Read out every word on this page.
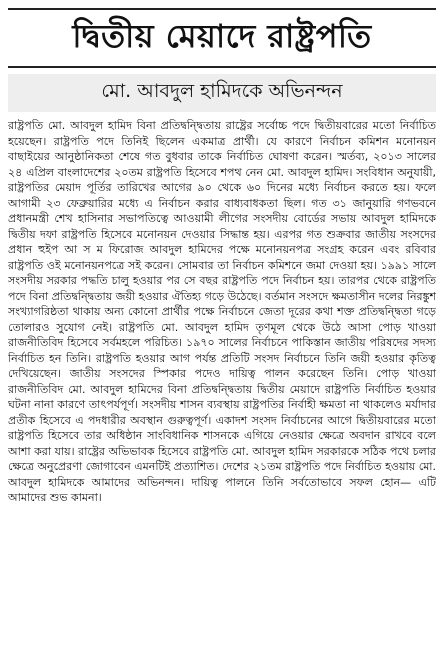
দ্বিতীয় মেয়াদে রাষ্ট্রপতি
মো. আবদুল হামিদকে অভিনন্দন

রাষ্ট্রপতি মো. আবদুল হামিদ বিনা প্রতিদ্বন্দ্বিতায় রাষ্ট্রের সর্বোচ্চ পদে দ্বিতীয়বারের মতো নির্বাচিত হয়েছেন। রাষ্ট্রপতি পদে তিনিই ছিলেন একমাত্র প্রার্থী। যে কারণে নির্বাচন কমিশন মনোনয়ন বাছাইয়ের আনুষ্ঠানিকতা শেষে গত বুধবার তাকে নির্বাচিত ঘোষণা করেন। স্মর্তব্য, ২০১৩ সালের ২৪ এপ্রিল বাংলাদেশের ২০তম রাষ্ট্রপতি হিসেবে শপথ নেন মো. আবদুল হামিদ। সংবিধান অনুযায়ী, রাষ্ট্রপতির মেয়াদ পূর্তির তারিখের আগের ৯০ থেকে ৬০ দিনের মধ্যে নির্বাচন করতে হয়। ফলে আগামী ২৩ ফেব্রুয়ারির মধ্যে এ নির্বাচন করার বাধ্যবাধকতা ছিল। গত ৩১ জানুয়ারি গণভবনে প্রধানমন্ত্রী শেখ হাসিনার সভাপতিত্বে আওয়ামী লীগের সংসদীয় বোর্ডের সভায় আবদুল হামিদকে দ্বিতীয় দফা রাষ্ট্রপতি হিসেবে মনোনয়ন দেওয়ার সিদ্ধান্ত হয়। এরপর গত শুক্রবার জাতীয় সংসদের প্রধান হুইপ আ স ম ফিরোজ আবদুল হামিদের পক্ষে মনোনয়নপত্র সংগ্রহ করেন এবং রবিবার রাষ্ট্রপতি ওই মনোনয়নপত্রে সই করেন। সোমবার তা নির্বাচন কমিশনে জমা দেওয়া হয়। ১৯৯১ সালে সংসদীয় সরকার পদ্ধতি চালু হওয়ার পর সে বছর রাষ্ট্রপতি পদে নির্বাচন হয়। তারপর থেকে রাষ্ট্রপতি পদে বিনা প্রতিদ্বন্দ্বিতায় জয়ী হওয়ার ঐতিহ্য গড়ে উঠেছে। বর্তমান সংসদে ক্ষমতাসীন দলের নিরঙ্কুশ সংখ্যাগরিষ্ঠতা থাকায় অন্য কোনো প্রার্থীর পক্ষে নির্বাচনে জেতা দূরের কথা শক্ত প্রতিদ্বন্দ্বিতা গড়ে তোলারও সুযোগ নেই। রাষ্ট্রপতি মো. আবদুল হামিদ তৃণমূল থেকে উঠে আসা পোড় খাওয়া রাজনীতিবিদ হিসেবে সর্বমহলে পরিচিত। ১৯৭০ সালের নির্বাচনে পাকিস্তান জাতীয় পরিষদের সদস্য নির্বাচিত হন তিনি। রাষ্ট্রপতি হওয়ার আগ পর্যন্ত প্রতিটি সংসদ নির্বাচনে তিনি জয়ী হওয়ার কৃতিত্ব দেখিয়েছেন। জাতীয় সংসদের স্পিকার পদেও দায়িত্ব পালন করেছেন তিনি। পোড় খাওয়া রাজনীতিবিদ মো. আবদুল হামিদের বিনা প্রতিদ্বন্দ্বিতায় দ্বিতীয় মেয়াদে রাষ্ট্রপতি নির্বাচিত হওয়ার ঘটনা নানা কারণে তাৎপর্যপূর্ণ। সংসদীয় শাসন ব্যবস্থায় রাষ্ট্রপতির নির্বাহী ক্ষমতা না থাকলেও মর্যাদার প্রতীক হিসেবে এ পদধারীর অবস্থান গুরুত্বপূর্ণ। একাদশ সংসদ নির্বাচনের আগে দ্বিতীয়বারের মতো রাষ্ট্রপতি হিসেবে তার অধিষ্ঠান সাংবিধানিক শাসনকে এগিয়ে নেওয়ার ক্ষেত্রে অবদান রাখবে বলে আশা করা যায়। রাষ্ট্রের অভিভাবক হিসেবে রাষ্ট্রপতি মো. আবদুল হামিদ সরকারকে সঠিক পথে চলার ক্ষেত্রে অনুপ্রেরণা জোগাবেন এমনটিই প্রত্যাশিত। দেশের ২১তম রাষ্ট্রপতি পদে নির্বাচিত হওয়ায় মো. আবদুল হামিদকে আমাদের অভিনন্দন। দায়িত্ব পালনে তিনি সর্বতোভাবে সফল হোন— এটি আমাদের শুভ কামনা।
